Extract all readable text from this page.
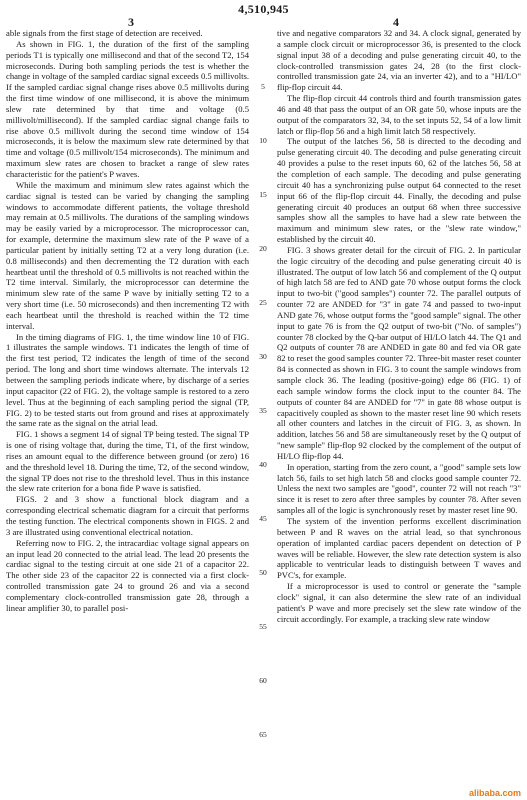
4,510,945
3	4

able signals from the first stage of detection are received.

As shown in FIG. 1, the duration of the first of the sampling periods T1 is typically one millisecond and that of the second T2, 154 microseconds. During both sampling periods the test is whether the change in voltage of the sampled cardiac signal exceeds 0.5 millivolts. If the sampled cardiac signal change rises above 0.5 millivolts during the first time window of one millisecond, it is above the minimum slew rate determined by that time and voltage (0.5 millivolt/millisecond). If the sampled cardiac signal change fails to rise above 0.5 millivolt during the second time window of 154 microseconds, it is below the maximum slew rate determined by that time and voltage (0.5 millivolt/154 microseconds). The minimum and maximum slew rates are chosen to bracket a range of slew rates characteristic for the patient's P waves.

While the maximum and minimum slew rates against which the cardiac signal is tested can be varied by changing the sampling windows to accommodate different patients, the voltage threshold may remain at 0.5 millivolts. The durations of the sampling windows may be easily varied by a microprocessor. The microprocessor can, for example, determine the maximum slew rate of the P wave of a particular patient by initially setting T2 at a very long duration (i.e. 0.8 milliseconds) and then decrementing the T2 duration with each heartbeat until the threshold of 0.5 millivolts is not reached within the T2 time interval. Similarly, the microprocessor can determine the minimum slew rate of the same P wave by initially setting T2 to a very short time (i.e. 50 microseconds) and then incrementing T2 with each heartbeat until the threshold is reached within the T2 time interval.

In the timing diagrams of FIG. 1, the time window line 10 of FIG. 1 illustrates the sample windows. T1 indicates the length of time of the first test period, T2 indicates the length of time of the second period. The long and short time windows alternate. The intervals 12 between the sampling periods indicate where, by discharge of a series input capacitor (22 of FIG. 2), the voltage sample is restored to a zero level. Thus at the beginning of each sampling period the signal (TP, FIG. 2) to be tested starts out from ground and rises at approximately the same rate as the signal on the atrial lead.

FIG. 1 shows a segment 14 of signal TP being tested. The signal TP is one of rising voltage that, during the time, T1, of the first window, rises an amount equal to the difference between ground (or zero) 16 and the threshold level 18. During the time, T2, of the second window, the signal TP does not rise to the threshold level. Thus in this instance the slew rate criterion for a bona fide P wave is satisfied.

FIGS. 2 and 3 show a functional block diagram and a corresponding electrical schematic diagram for a circuit that performs the testing function. The electrical components shown in FIGS. 2 and 3 are illustrated using conventional electrical notation.

Referring now to FIG. 2, the intracardiac voltage signal appears on an input lead 20 connected to the atrial lead. The lead 20 presents the cardiac signal to the testing circuit at one side 21 of a capacitor 22. The other side 23 of the capacitor 22 is connected via a first clock-controlled transmission gate 24 to ground 26 and via a second complementary clock-controlled transmission gate 28, through a linear amplifier 30, to parallel posi-

5
10
15
20
25
30
35
40
45
50
55
60
65

tive and negative comparators 32 and 34. A clock signal, generated by a sample clock circuit or microprocessor 36, is presented to the clock signal input 38 of a decoding and pulse generating circuit 40, to the clock-controlled transmission gates 24, 28 (to the first clock-controlled transmission gate 24, via an inverter 42), and to a "HI/LO" flip-flop circuit 44.

The flip-flop circuit 44 controls third and fourth transmission gates 46 and 48 that pass the output of an OR gate 50, whose inputs are the output of the comparators 32, 34, to the set inputs 52, 54 of a low limit latch or flip-flop 56 and a high limit latch 58 respectively.

The output of the latches 56, 58 is directed to the decoding and pulse generating circuit 40. The decoding and pulse generating circuit 40 provides a pulse to the reset inputs 60, 62 of the latches 56, 58 at the completion of each sample. The decoding and pulse generating circuit 40 has a synchronizing pulse output 64 connected to the reset input 66 of the flip-flop circuit 44. Finally, the decoding and pulse generating circuit 40 produces an output 68 when three successive samples show all the samples to have had a slew rate between the maximum and minimum slew rates, or the "slew rate window," established by the circuit 40.

FIG. 3 shows greater detail for the circuit of FIG. 2. In particular the logic circuitry of the decoding and pulse generating circuit 40 is illustrated. The output of low latch 56 and complement of the Q output of high latch 58 are fed to AND gate 70 whose output forms the clock input to two-bit ("good samples") counter 72. The parallel outputs of counter 72 are ANDED for "3" in gate 74 and passed to two-input AND gate 76, whose output forms the "good sample" signal. The other input to gate 76 is from the Q2 output of two-bit ("No. of samples") counter 78 clocked by the Q-bar output of HI/LO latch 44. The Q1 and Q2 outputs of counter 78 are ANDED in gate 80 and fed via OR gate 82 to reset the good samples counter 72. Three-bit master reset counter 84 is connected as shown in FIG. 3 to count the sample windows from sample clock 36. The leading (positive-going) edge 86 (FIG. 1) of each sample window forms the clock input to the counter 84. The outputs of counter 84 are ANDED for "7" in gate 88 whose output is capacitively coupled as shown to the master reset line 90 which resets all other counters and latches in the circuit of FIG. 3, as shown. In addition, latches 56 and 58 are simultaneously reset by the Q output of "new sample" flip-flop 92 clocked by the complement of the output of HI/LO flip-flop 44.

In operation, starting from the zero count, a "good" sample sets low latch 56, fails to set high latch 58 and clocks good sample counter 72. Unless the next two samples are "good", counter 72 will not reach "3" since it is reset to zero after three samples by counter 78. After seven samples all of the logic is synchronously reset by master reset line 90.

The system of the invention performs excellent discrimination between P and R waves on the atrial lead, so that synchronous operation of implanted cardiac pacers dependent on detection of P waves will be reliable. However, the slew rate detection system is also applicable to ventricular leads to distinguish between T waves and PVC's, for example.

If a microprocessor is used to control or generate the "sample clock" signal, it can also determine the slew rate of an individual patient's P wave and more precisely set the slew rate window of the circuit accordingly. For example, a tracking slew rate window

alibaba.com
